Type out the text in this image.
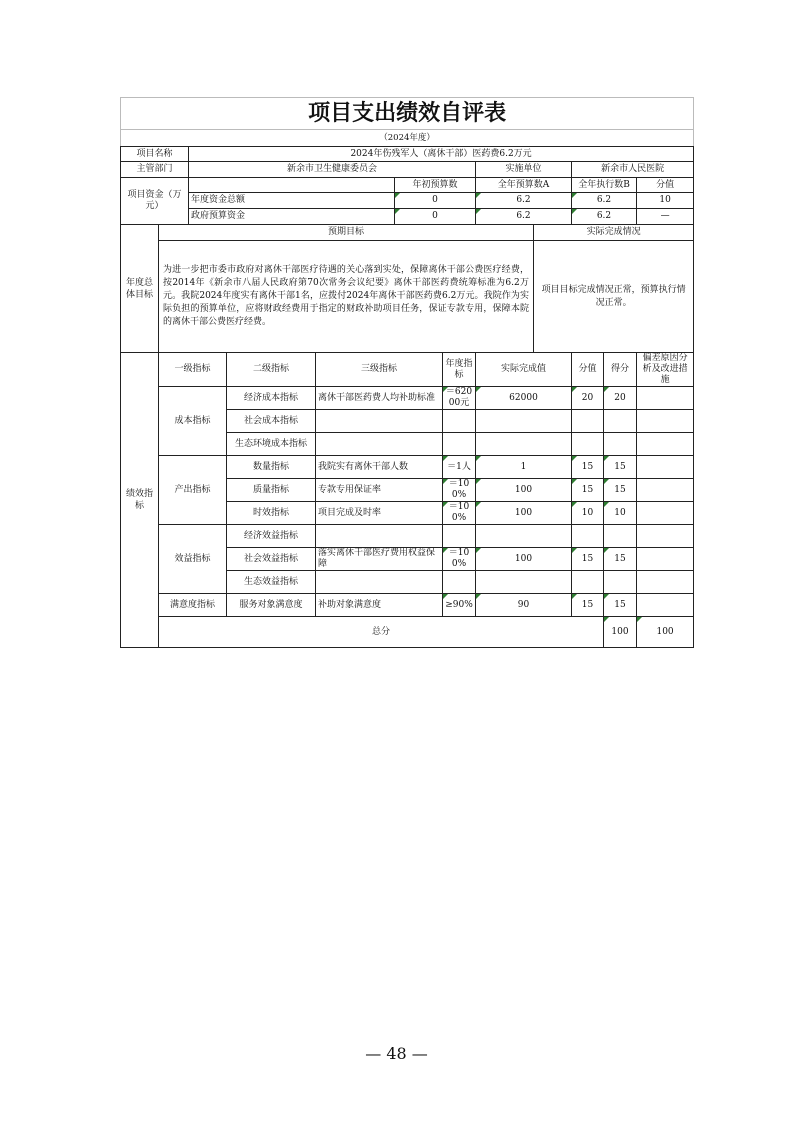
项目支出绩效自评表												
（2024年度）												
项目名称		2024年伤残军人（离休干部）医药费6.2万元										
主管部门		新余市卫生健康委员会					实施单位		新余市人民医院			
项目资金（万元）					年初预算数		全年预算数A		全年执行数B		分值	
		年度资金总额			0		6.2		6.2		10	
		政府预算资金			0		6.2		6.2		—	
年度总体目标	预期目标							实际完成情况				
	为进一步把市委市政府对离休干部医疗待遇的关心落到实处，保障离休干部公费医疗经费，按2014年《新余市八届人民政府第70次常务会议纪要》离休干部医药费统筹标准为6.2万元。我院2024年度实有离休干部1名，应拨付2024年离休干部医药费6.2万元。我院作为实际负担的预算单位，应将财政经费用于指定的财政补助项目任务，保证专款专用，保障本院的离休干部公费医疗经费。							项目目标完成情况正常，预算执行情况正常。				
绩效指标	一级指标		二级指标	三级指标		年度指标	实际完成值		分值	得分	偏差原因分析及改进措施	
	成本指标		经济成本指标	离休干部医药费人均补助标准		＝62000元	62000		20	20		
			社会成本指标									
			生态环境成本指标									
	产出指标		数量指标	我院实有离休干部人数		＝1人	1		15	15		
			质量指标	专款专用保证率		＝100%	100		15	15		
			时效指标	项目完成及时率		＝100%	100		10	10		
	效益指标		经济效益指标									
			社会效益指标	落实离休干部医疗费用权益保障		＝100%	100		15	15		
			生态效益指标									
	满意度指标		服务对象满意度	补助对象满意度		≥90%	90		15	15		
	总分									100	100	
— 48 —
